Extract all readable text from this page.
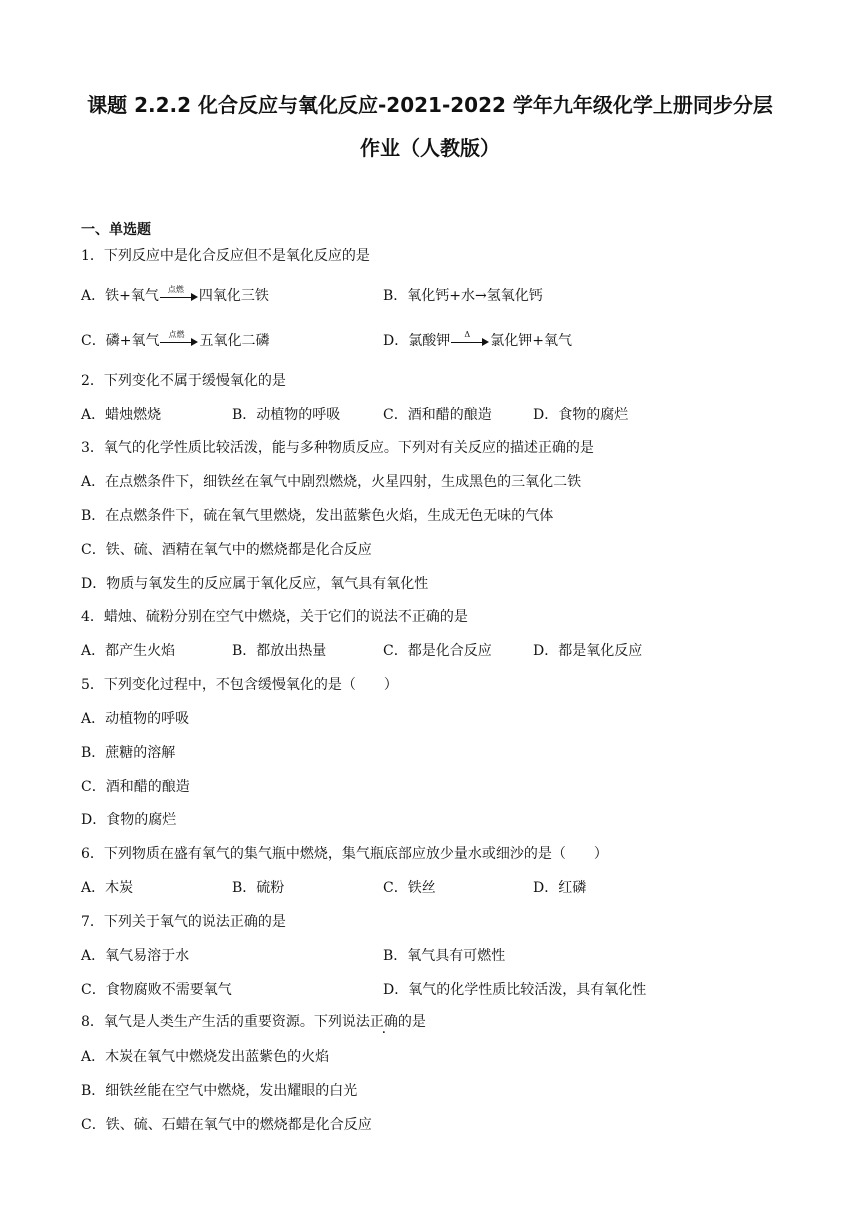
课题 2.2.2 化合反应与氧化反应-2021-2022 学年九年级化学上册同步分层
作业（人教版）
一、单选题
1．下列反应中是化合反应但不是氧化反应的是
A．铁+氧气	点燃	四氧化三铁	B．氧化钙+水→氢氧化钙
C．磷+氧气	点燃	五氧化二磷	D．氯酸钾	Δ	氯化钾+氧气
2．下列变化不属于缓慢氧化的是
A．蜡烛燃烧	B．动植物的呼吸	C．酒和醋的酿造	D．食物的腐烂
3．氧气的化学性质比较活泼，能与多种物质反应。下列对有关反应的描述正确的是
A．在点燃条件下，细铁丝在氧气中剧烈燃烧，火星四射，生成黑色的三氧化二铁
B．在点燃条件下，硫在氧气里燃烧，发出蓝紫色火焰，生成无色无味的气体
C．铁、硫、酒精在氧气中的燃烧都是化合反应
D．物质与氧发生的反应属于氧化反应，氧气具有氧化性
4．蜡烛、硫粉分别在空气中燃烧，关于它们的说法不正确的是
A．都产生火焰	B．都放出热量	C．都是化合反应	D．都是氧化反应
5．下列变化过程中，不包含缓慢氧化的是（　　）
A．动植物的呼吸
B．蔗糖的溶解
C．酒和醋的酿造
D．食物的腐烂
6．下列物质在盛有氧气的集气瓶中燃烧，集气瓶底部应放少量水或细沙的是（　　）
A．木炭	B．硫粉	C．铁丝	D．红磷
7．下列关于氧气的说法正确的是
A．氧气易溶于水	B．氧气具有可燃性
C．食物腐败不需要氧气	D．氧气的化学性质比较活泼，具有氧化性
8．氧气是人类生产生活的重要资源。下列说法正确的是
A．木炭在氧气中燃烧发出蓝紫色的火焰
B．细铁丝能在空气中燃烧，发出耀眼的白光
C．铁、硫、石蜡在氧气中的燃烧都是化合反应
